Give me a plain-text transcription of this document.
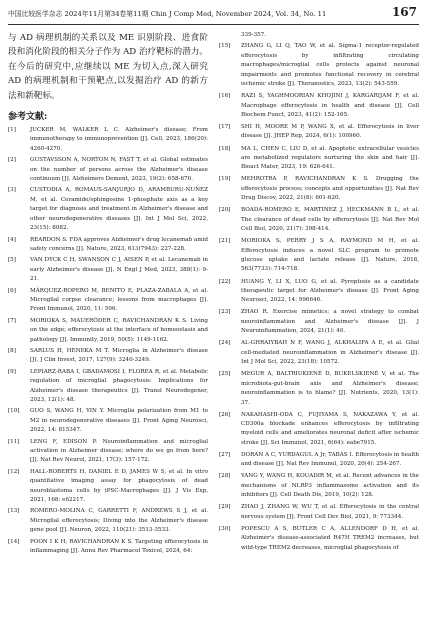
中国比较医学杂志 2024年11月第34卷第11期 Chin J Comp Med, November 2024, Vol. 34, No. 11	167

与 AD 病理机制的关系以及 ME 识别阶段、进食阶段和消化阶段的相关分子作为 AD 治疗靶标的潜力。在今后的研究中,应继续以 ME 为切入点,深入研究 AD 的病理机制和干预靶点,以发掘治疗 AD 的新方法和新靶标。

参考文献:
[1]	JUCKER M, WALKER L C. Alzheimer's disease; From immunotherapy to immunoprevention [J]. Cell, 2023, 186(20): 4260-4270.
[2]	GUSTAVSSON A, NORTON N, FAST T, et al. Global estimates on the number of persons across the Alzheimer's disease continuum [J]. Alzheimers Dement, 2023, 19(2): 658-670.
[3]	CUSTODIA A, ROMAUS-SANJURJO D, ARAMBURU-NUÑEZ M, et al. Ceramide/sphingosine 1-phosphate axis as a key target for diagnosis and treatment in Alzheimer's disease and other neurodegenerative diseases [J]. Int J Mol Sci, 2022, 23(15): 8082.
[4]	REARDON S. FDA approves Alzheimer's drug lecanemab amid safety concerns [J]. Nature, 2023, 613(7943): 227-228.
[5]	VAN DYCK C H, SWANSON C J, AISEN P, et al. Lecanemab in early Alzheimer's disease [J]. N Engl J Med, 2023, 388(1): 9-21.
[6]	MÁRQUEZ-ROPERO M, BENITO E, PLAZA-ZABALA A, et al. Microglial corpse clearance; lessons from macrophages [J]. Front Immunol, 2020, 11: 506.
[7]	MORIOKA S, MAUERÖDER C, RAVICHANDRAN K S. Living on the edge; efferocytosis at the interface of homeostasis and pathology [J]. Immunity, 2019, 50(5): 1149-1162.
[8]	SARLUS H, HENEKA M T. Microglia in Alzheimer's disease [J]. J Clin Invest, 2017, 127(9): 3240-3249.
[9]	LEPIARZ-RABA I, GBADAMOSI I, FLOREA R, et al. Metabolic regulation of microglial phagocytosis: Implications for Alzheimer's disease therapeutics [J]. Transl Neurodegener, 2023, 12(1): 48.
[10]	GUO S, WANG H, YIN Y. Microglia polarization from M1 to M2 in neurodegenerative diseases [J]. Front Aging Neurosci, 2022, 14: 815347.
[11]	LENG F, EDISON P. Neuroinflammation and microglial activation in Alzheimer disease; where do we go from here? [J]. Nat Rev Neurol, 2021, 17(3): 157-172.
[12]	HALL-ROBERTS H, DANIEL E D, JAMES W S, et al. In vitro quantitative imaging assay for phagocytosis of dead neuroblastoma cells by iPSC-Macrophages [J]. J Vis Exp, 2021, 168: e62217.
[13]	ROMERO-MOLINA C, GARRETTI F, ANDREWS S J, et al. Microglial efferocytosis; Diving into the Alzheimer's disease gene pool [J]. Neuron, 2022, 110(21): 3513-3533.
[14]	POON I K H, RAVICHANDRAN K S. Targeting efferocytosis in inflammaging [J]. Annu Rev Pharmacol Toxicol, 2024, 64:
339-357.
[15]	ZHANG G, LI Q, TAO W, et al. Sigma-1 receptor-regulated efferocytosis by infiltrating circulating macrophages/microglial cells protects against neuronal impairments and promotes functional recovery in cerebral ischemic stroke [J]. Theranostics, 2023, 13(2): 543-559.
[16]	RAZI S, YAGHMOORIAN KHOJINI J, KARGARIJAM F, et al. Macrophage efferocytosis in health and disease [J]. Cell Biochem Funct, 2023, 41(2): 152-165.
[17]	SHI H, MOORE M P, WANG X, et al. Efferocytosis in liver disease [J]. JHEP Rep, 2024, 6(1): 100960.
[18]	MA L, CHEN C, LIU D, et al. Apoptotic extracellular vesicles are metabolized regulators nurturing the skin and hair [J]. Bioact Mater, 2023, 19: 626-641.
[19]	MEHROTRA P, RAVICHANDRAN K S. Drugging the efferocytosis process; concepts and opportunities [J]. Nat Rev Drug Discov, 2022, 21(8): 601-620.
[20]	BOADA-ROMERO E, MARTINEZ J, HECKMANN B L, et al. The clearance of dead cells by efferocytosis [J]. Nat Rev Mol Cell Biol, 2020, 21(7): 398-414.
[21]	MORIOKA S, PERRY J S A, RAYMOND M H, et al. Efferocytosis induces a novel SLC program to promote glucose uptake and lactate release [J]. Nature, 2018, 563(7733): 714-718.
[22]	HUANG Y, LI X, LUO G, et al. Pyroptosis as a candidate therapeutic target for Alzheimer's disease [J]. Front Aging Neurosci, 2022, 14: 996646.
[23]	ZHAO R. Exercise mimetics; a novel strategy to combat neuroinflammation and Alzheimer's disease [J]. J Neuroinflammation, 2024, 21(1): 40.
[24]	AL-GHRAIYBAH N F, WANG J, ALKHALIFA A E, et al. Glial cell-mediated neuroinflammation in Alzheimer's disease [J]. Int J Mol Sci, 2022, 23(18): 10572.
[25]	MEGUR A, BALTRIUKIENĖ D, BUKELSKIENĖ V, et al. The microbiota-gut-brain axis and Alzheimer's disease; neuroinflammation is to blame? [J]. Nutrients, 2020, 13(1): 37.
[26]	NAKAHASHI-ODA C, FUJIYAMA S, NAKAZAWA Y, et al. CD300a blockade enhances efferocytosis by infiltrating myeloid cells and ameliorates neuronal deficit after ischemic stroke [J]. Sci Immunol, 2021, 6(64): eabe7915.
[27]	DORAN A C, YURDAGUL A Jr, TABAS I. Efferocytosis in health and disease [J]. Nat Rev Immunol, 2020, 20(4): 254-267.
[28]	YANG Y, WANG H, KOUADIR M, et al. Recent advances in the mechanisms of NLRP3 inflammasome activation and its inhibitors [J]. Cell Death Dis, 2019, 10(2): 128.
[29]	ZHAO J, ZHANG W, WU T, et al. Efferocytosis in the central nervous system [J]. Front Cell Dev Biol, 2021, 9: 773344.
[30]	POPESCU A S, BUTLER C A, ALLENDORF D H, et al. Alzheimer's disease-associated R47H TREM2 increases, but wild-type TREM2 decreases, microglial phagocytosis of
